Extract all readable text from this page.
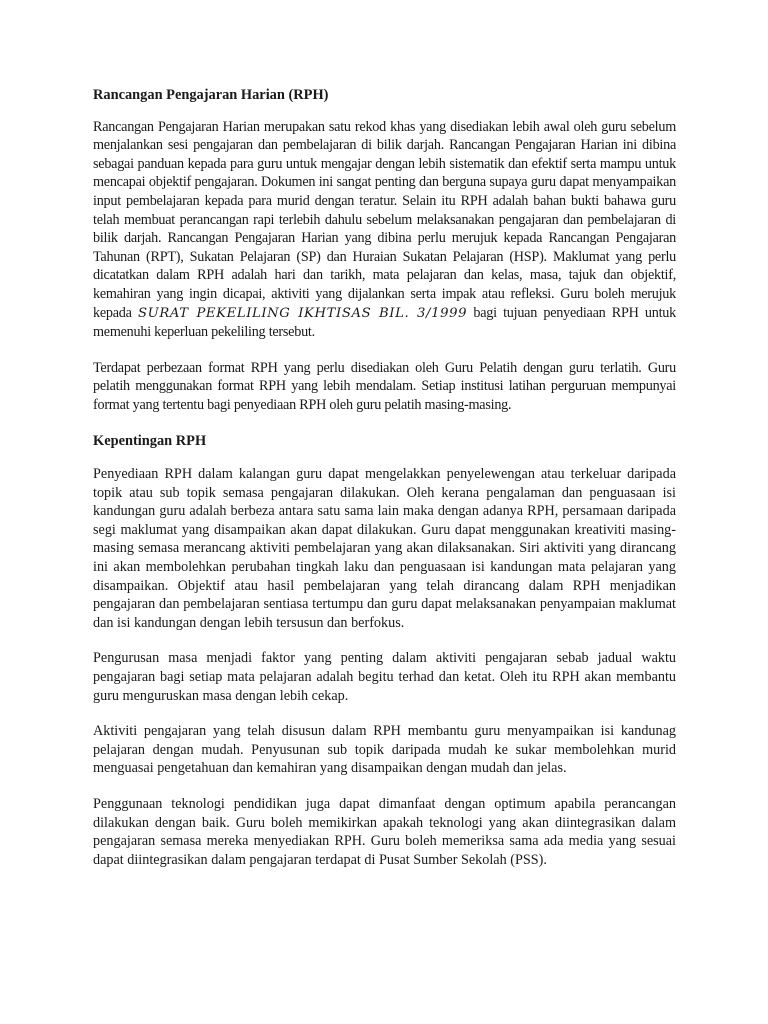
Rancangan Pengajaran Harian (RPH)

Rancangan Pengajaran Harian merupakan satu rekod khas yang disediakan lebih awal oleh guru sebelum menjalankan sesi pengajaran dan pembelajaran di bilik darjah. Rancangan Pengajaran Harian ini dibina sebagai panduan kepada para guru untuk mengajar dengan lebih sistematik dan efektif serta mampu untuk mencapai objektif pengajaran. Dokumen ini sangat penting dan berguna supaya guru dapat menyampaikan input pembelajaran kepada para murid dengan teratur. Selain itu RPH adalah bahan bukti bahawa guru telah membuat perancangan rapi terlebih dahulu sebelum melaksanakan pengajaran dan pembelajaran di bilik darjah. Rancangan Pengajaran Harian yang dibina perlu merujuk kepada Rancangan Pengajaran Tahunan (RPT), Sukatan Pelajaran (SP) dan Huraian Sukatan Pelajaran (HSP). Maklumat yang perlu dicatatkan dalam RPH adalah hari dan tarikh, mata pelajaran dan kelas, masa, tajuk dan objektif, kemahiran yang ingin dicapai, aktiviti yang dijalankan serta impak atau refleksi. Guru boleh merujuk kepada SURAT PEKELILING IKHTISAS BIL. 3/1999 bagi tujuan penyediaan RPH untuk memenuhi keperluan pekeliling tersebut.

Terdapat perbezaan format RPH yang perlu disediakan oleh Guru Pelatih dengan guru terlatih. Guru pelatih menggunakan format RPH yang lebih mendalam. Setiap institusi latihan perguruan mempunyai format yang tertentu bagi penyediaan RPH oleh guru pelatih masing-masing.

Kepentingan RPH

Penyediaan RPH dalam kalangan guru dapat mengelakkan penyelewengan atau terkeluar daripada topik atau sub topik semasa pengajaran dilakukan. Oleh kerana pengalaman dan penguasaan isi kandungan guru adalah berbeza antara satu sama lain maka dengan adanya RPH, persamaan daripada segi maklumat yang disampaikan akan dapat dilakukan. Guru dapat menggunakan kreativiti masing-masing semasa merancang aktiviti pembelajaran yang akan dilaksanakan. Siri aktiviti yang dirancang ini akan membolehkan perubahan tingkah laku dan penguasaan isi kandungan mata pelajaran yang disampaikan. Objektif atau hasil pembelajaran yang telah dirancang dalam RPH menjadikan pengajaran dan pembelajaran sentiasa tertumpu dan guru dapat melaksanakan penyampaian maklumat dan isi kandungan dengan lebih tersusun dan berfokus.

Pengurusan masa menjadi faktor yang penting dalam aktiviti pengajaran sebab jadual waktu pengajaran bagi setiap mata pelajaran adalah begitu terhad dan ketat. Oleh itu RPH akan membantu guru menguruskan masa dengan lebih cekap.

Aktiviti pengajaran yang telah disusun dalam RPH membantu guru menyampaikan isi kandunag pelajaran dengan mudah. Penyusunan sub topik daripada mudah ke sukar membolehkan murid menguasai pengetahuan dan kemahiran yang disampaikan dengan mudah dan jelas.

Penggunaan teknologi pendidikan juga dapat dimanfaat dengan optimum apabila perancangan dilakukan dengan baik. Guru boleh memikirkan apakah teknologi yang akan diintegrasikan dalam pengajaran semasa mereka menyediakan RPH. Guru boleh memeriksa sama ada media yang sesuai dapat diintegrasikan dalam pengajaran terdapat di Pusat Sumber Sekolah (PSS).
